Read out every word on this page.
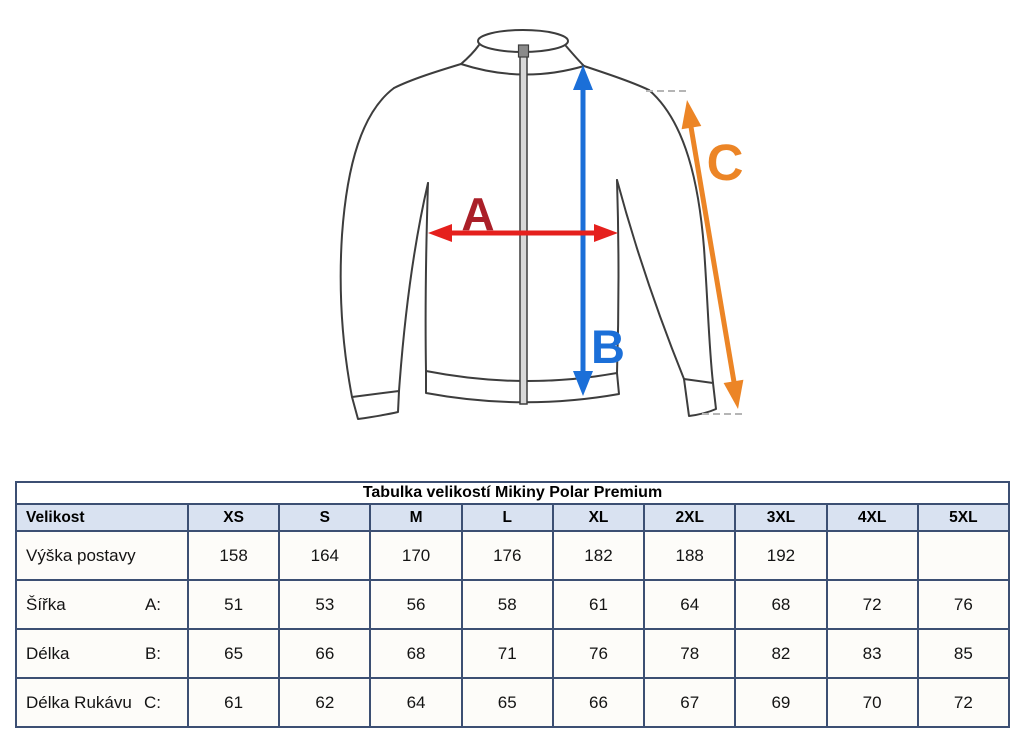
B
A
C
Tabulka velikostí Mikiny Polar Premium									
Velikost	XS	S	M	L	XL	2XL	3XL	4XL	5XL

Výška postavy	158	164	170	176	182	188	192		

Šířka A:	51	53	56	58	61	64	68	72	76

Délka B:	65	66	68	71	76	78	82	83	85

Délka Rukávu C:	61	62	64	65	66	67	69	70	72
